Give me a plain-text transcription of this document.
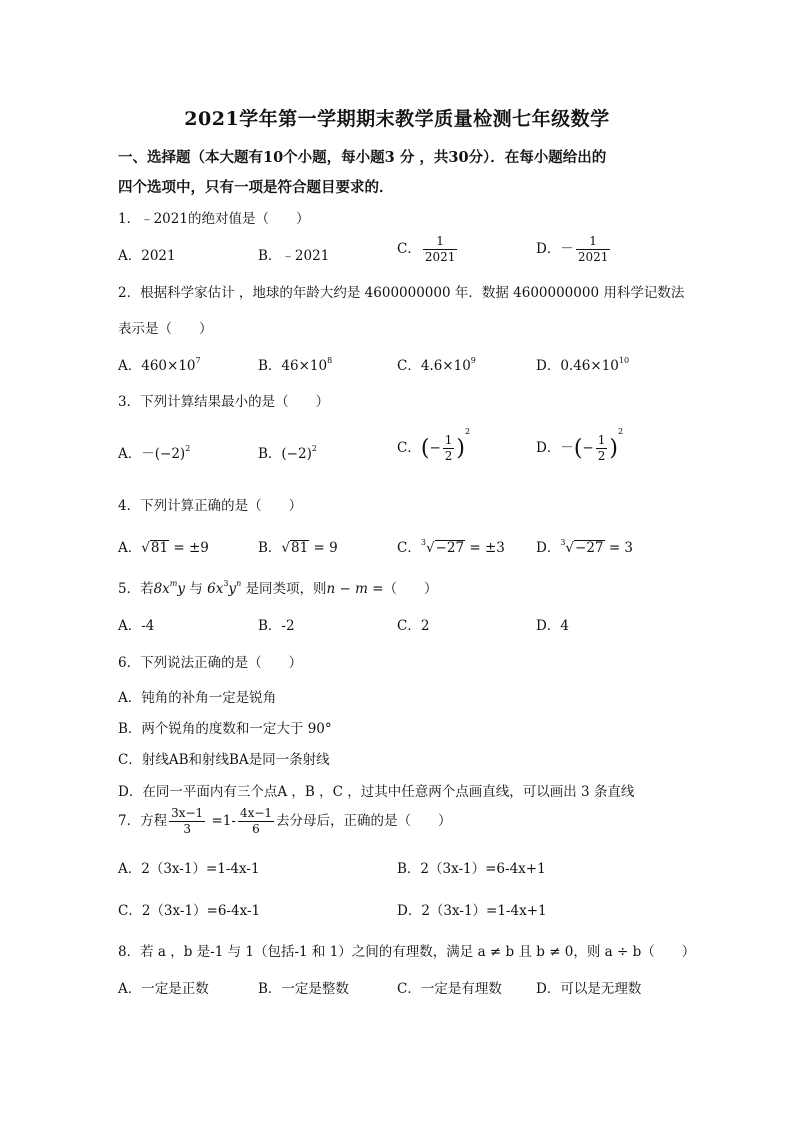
2021学年第一学期期末教学质量检测七年级数学
一、选择题（本大题有10个小题，每小题3 分 ，共30分）．在每小题给出的
四个选项中，只有一项是符合题目要求的．
1．﹣2021的绝对值是（　　）
A．2021	B．﹣2021	C． $\frac{1}{2021}$	D．－ $\frac{1}{2021}$
2．根据科学家估计 ，地球的年龄大约是 4600000000 年．数据 4600000000 用科学记数法
表示是（　　）
A．$460\times 10^7$	B．$46\times 10^8$	C．$4.6\times 10^9$	D．$0.46\times 10^{10}$
3．下列计算结果最小的是（　　）
A．$-(-2)^2$	B．$(-2)^2$	C．(− $\frac{1}{2} )^2$
D．－(− $\frac{1}{2} )^2$
4．下列计算正确的是（　　）
A．√81 = ±9	B．√81 = 9	C．$^3$√−27 = ±3 D．$^3$√−27 = 3
5．若$8x^my$ 与 $6x^3y^n$ 是同类项，则n − m =（　　）
A．-4	B．-2	C．2	D．4
6．下列说法正确的是（　　）
A．钝角的补角一定是锐角
B．两个锐角的度数和一定大于 90°
C．射线AB和射线BA是同一条射线
D．在同一平面内有三个点A ，B ，C ，过其中任意两个点画直线，可以画出 3 条直线
7．方程 $\frac{3x-1}{3} =1- \frac{4x-1}{6}$ 去分母后，正确的是（　　）
A．2（3x-1）=1-4x-1	B．2（3x-1）=6-4x+1
C．2（3x-1）=6-4x-1	D．2（3x-1）=1-4x+1
8．若 a ，b 是-1 与 1（包括-1 和 1）之间的有理数，满足 a ≠ b 且 b ≠ 0，则 a ÷ b（　　）
A．一定是正数	B．一定是整数	C．一定是有理数	D．可以是无理数
